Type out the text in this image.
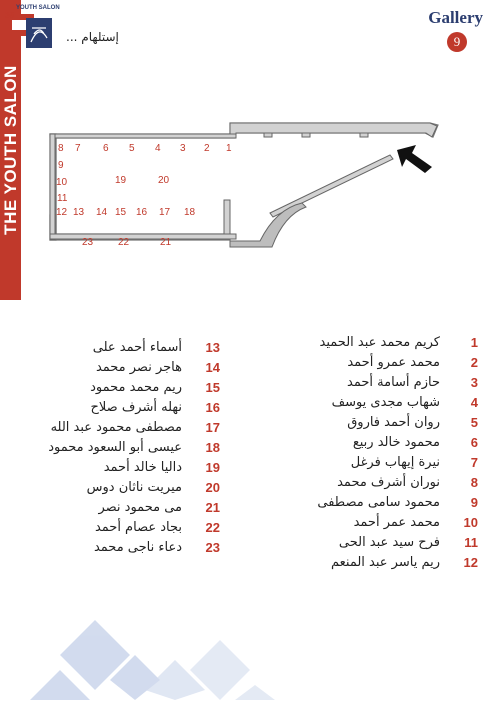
THE YOUTH SALON
35
YOUTH SALON
إستلهام ...
Gallery
9
1
2
3
4
5
6
7
8
9
10
11
12 13 14 15 16 17 18
19	20
21
22
23
1
كريم محمد عبد الحميد
2
محمد عمرو أحمد
3
حازم أسامة أحمد
4
شهاب مجدى يوسف
5
روان أحمد فاروق
6
محمود خالد ربيع
7
نيرة إيهاب فرغل
8
نوران أشرف محمد
9
محمود سامى مصطفى
10
محمد عمر أحمد
11
فرح سيد عبد الحى
12
ريم ياسر عبد المنعم
13
أسماء أحمد على
14
هاجر نصر محمد
15
ريم محمد محمود
16
نهله أشرف صلاح
17
مصطفى محمود عبد الله
18
عيسى أبو السعود محمود
19
داليا خالد أحمد
20
ميريت ناثان دوس
21
مى محمود نصر
22
بجاد عصام أحمد
23
دعاء ناجى محمد
